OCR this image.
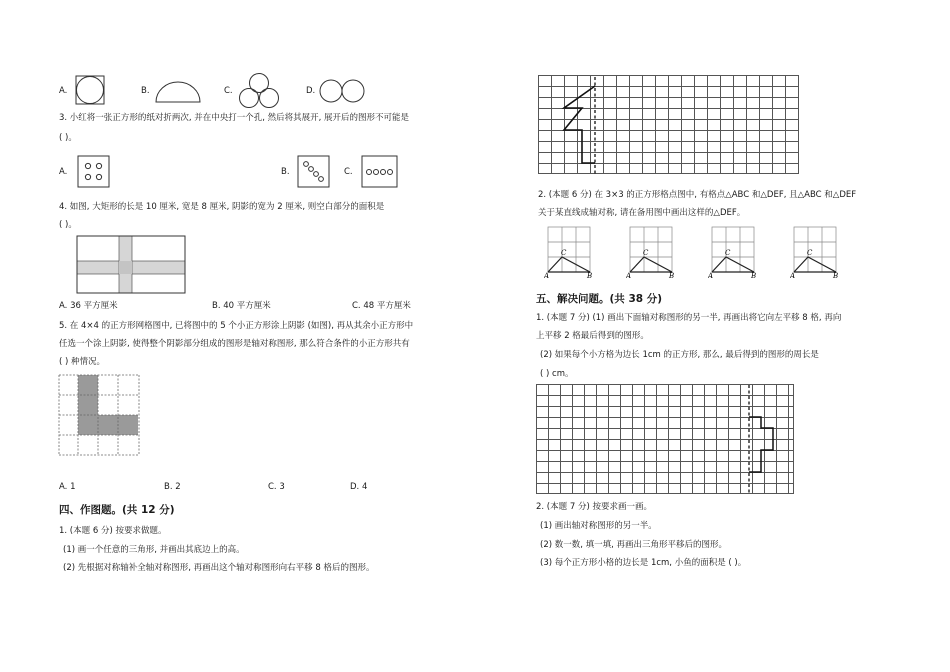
A.	B.	C.	D.
3. 小红将一张正方形的纸对折两次, 并在中央打一个孔, 然后将其展开, 展开后的图形不可能是
( )。
A.	B.	C.
4. 如图, 大矩形的长是 10 厘米, 宽是 8 厘米, 阴影的宽为 2 厘米, 则空白部分的面积是
( )。
A. 36 平方厘米	B. 40 平方厘米	C. 48 平方厘米
5. 在 4×4 的正方形网格图中, 已将图中的 5 个小正方形涂上阴影 (如图), 再从其余小正方形中
任选一个涂上阴影, 使得整个阴影部分组成的图形是轴对称图形, 那么符合条件的小正方形共有
( ) 种情况。
A. 1	B. 2	C. 3	D. 4
四、作图题。(共 12 分)
1. (本题 6 分) 按要求做题。
(1) 画一个任意的三角形, 并画出其底边上的高。
(2) 先根据对称轴补全轴对称图形, 再画出这个轴对称图形向右平移 8 格后的图形。
2. (本题 6 分) 在 3×3 的正方形格点图中, 有格点△ABC 和△DEF, 且△ABC 和△DEF
关于某直线成轴对称, 请在备用图中画出这样的△DEF。
C
A	B
C
A	B
C
A	B
C
A	B
五、解决问题。(共 38 分)
1. (本题 7 分) (1) 画出下面轴对称图形的另一半, 再画出将它向左平移 8 格, 再向
上平移 2 格最后得到的图形。
(2) 如果每个小方格为边长 1cm 的正方形, 那么, 最后得到的图形的周长是
( ) cm。
2. (本题 7 分) 按要求画一画。
(1) 画出轴对称图形的另一半。
(2) 数一数, 填一填, 再画出三角形平移后的图形。
(3) 每个正方形小格的边长是 1cm, 小鱼的面积是 ( )。
